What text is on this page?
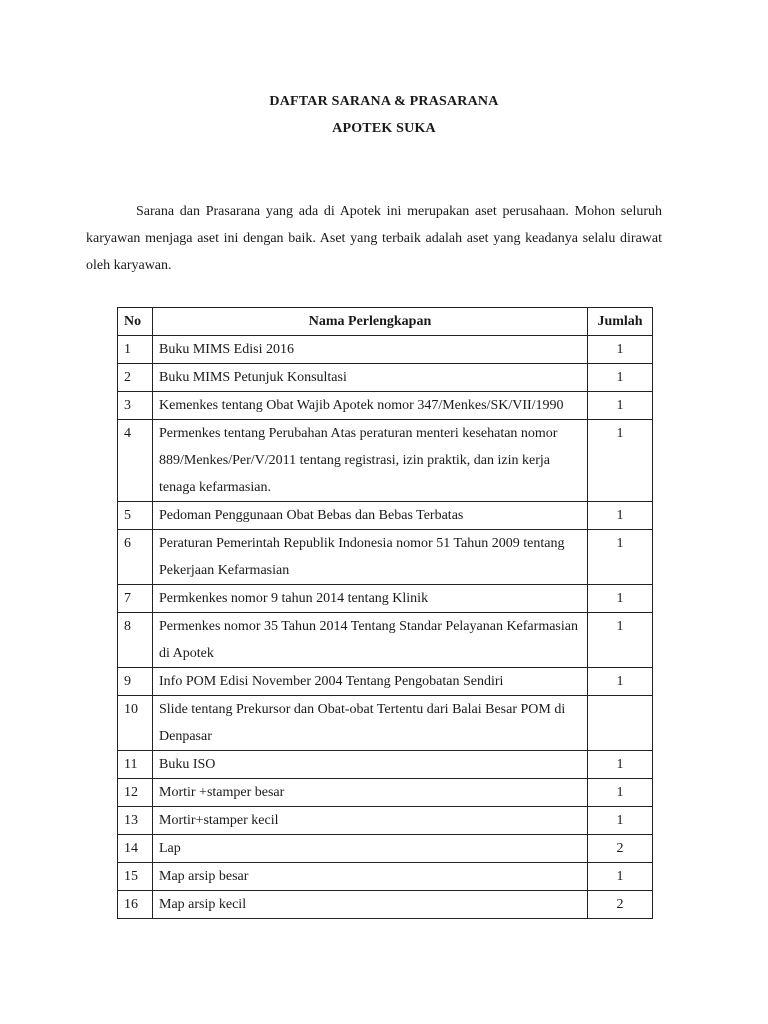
DAFTAR SARANA & PRASARANA
APOTEK SUKA

Sarana dan Prasarana yang ada di Apotek ini merupakan aset perusahaan. Mohon seluruh karyawan menjaga aset ini dengan baik. Aset yang terbaik adalah aset yang keadanya selalu dirawat oleh karyawan.

No	Nama Perlengkapan	Jumlah
1	Buku MIMS Edisi 2016	1
2	Buku MIMS Petunjuk Konsultasi	1
3	Kemenkes tentang Obat Wajib Apotek nomor 347/Menkes/SK/VII/1990	1
4	Permenkes tentang Perubahan Atas peraturan menteri kesehatan nomor 889/Menkes/Per/V/2011 tentang registrasi, izin praktik, dan izin kerja tenaga kefarmasian.	1
5	Pedoman Penggunaan Obat Bebas dan Bebas Terbatas	1
6	Peraturan Pemerintah Republik Indonesia nomor 51 Tahun 2009 tentang Pekerjaan Kefarmasian	1
7	Permkenkes nomor 9 tahun 2014 tentang Klinik	1
8	Permenkes nomor 35 Tahun 2014 Tentang Standar Pelayanan Kefarmasian di Apotek	1
9	Info POM Edisi November 2004 Tentang Pengobatan Sendiri	1
10	Slide tentang Prekursor dan Obat-obat Tertentu dari Balai Besar POM di Denpasar	
11	Buku ISO	1
12	Mortir +stamper besar	1
13	Mortir+stamper kecil	1
14	Lap	2
15	Map arsip besar	1
16	Map arsip kecil	2
